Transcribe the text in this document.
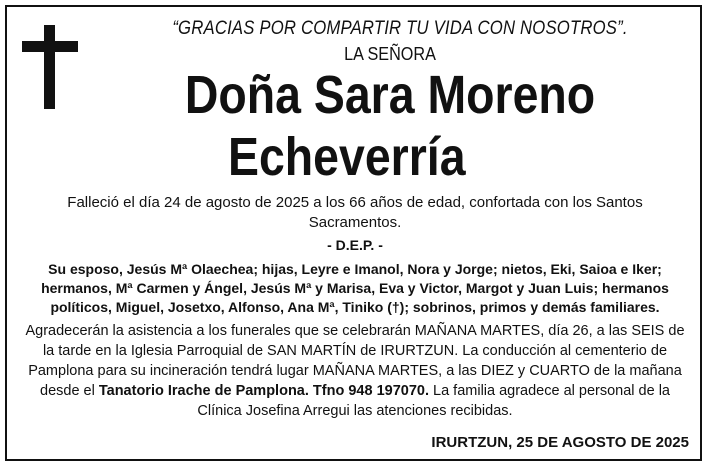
“GRACIAS POR COMPARTIR TU VIDA CON NOSOTROS”.
LA SEÑORA
Doña Sara Moreno
Echeverría
Falleció el día 24 de agosto de 2025 a los 66 años de edad, confortada con los Santos Sacramentos.
- D.E.P. -
Su esposo, Jesús Mª Olaechea; hijas, Leyre e Imanol, Nora y Jorge; nietos, Eki, Saioa e Iker; hermanos, Mª Carmen y Ángel, Jesús Mª y Marisa, Eva y Victor, Margot y Juan Luis; hermanos políticos, Miguel, Josetxo, Alfonso, Ana Mª, Tiniko (†); sobrinos, primos y demás familiares.
Agradecerán la asistencia a los funerales que se celebrarán MAÑANA MARTES, día 26, a las SEIS de la tarde en la Iglesia Parroquial de SAN MARTÍN de IRURTZUN. La conducción al cementerio de Pamplona para su incineración tendrá lugar MAÑANA MARTES, a las DIEZ y CUARTO de la mañana desde el Tanatorio Irache de Pamplona. Tfno 948 197070. La familia agradece al personal de la Clínica Josefina Arregui las atenciones recibidas.
IRURTZUN, 25 DE AGOSTO DE 2025
